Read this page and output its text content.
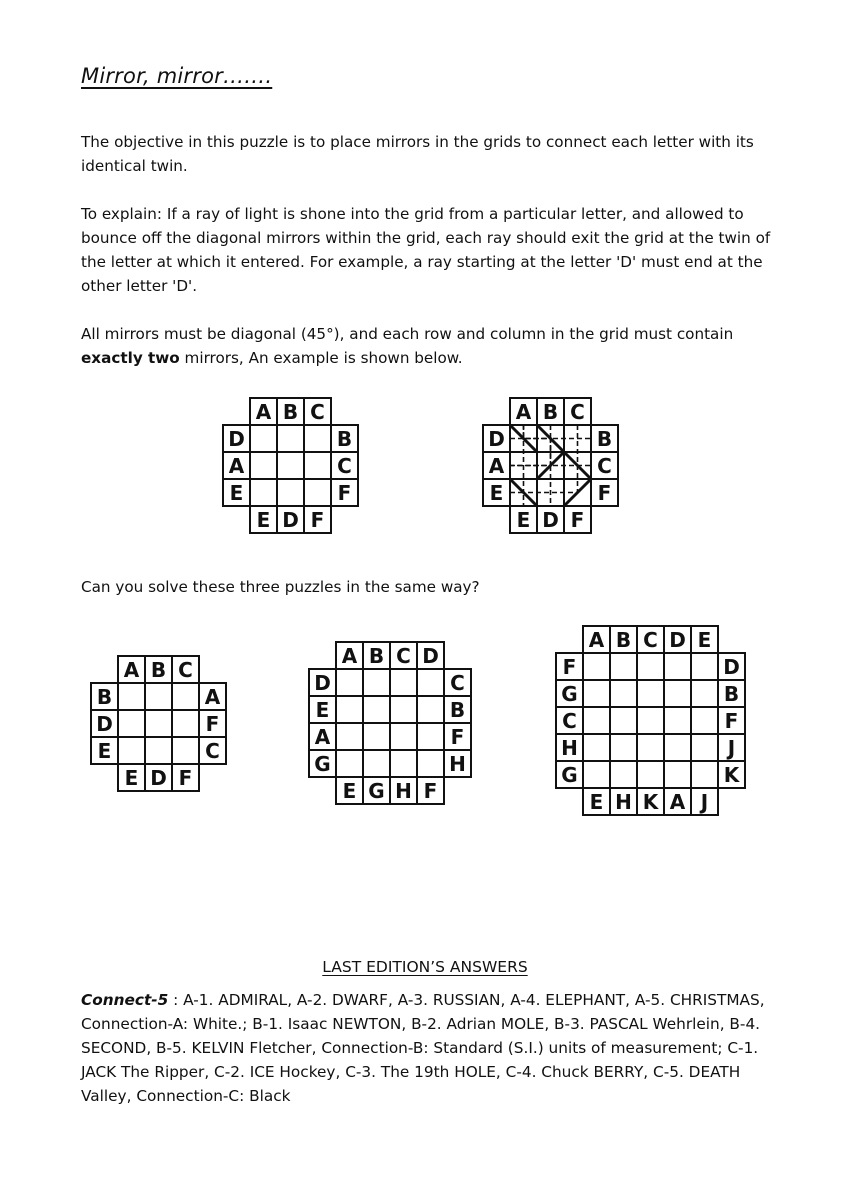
Mirror, mirror…….
The objective in this puzzle is to place mirrors in the grids to connect each letter with its identical twin.
To explain: If a ray of light is shone into the grid from a particular letter, and allowed to bounce off the diagonal mirrors within the grid, each ray should exit the grid at the twin of the letter at which it entered. For example, a ray starting at the letter 'D' must end at the other letter 'D'.
All mirrors must be diagonal (45°), and each row and column in the grid must contain exactly two mirrors, An example is shown below.
A B C
D	B
A	C
E	F
E D F
A B C
D	B
A	C
E	F
E D F
Can you solve these three puzzles in the same way?
A B C
B	A
D	F
E	C
E D F
A B C D
D	C
E	B
A	F
G	H
E G H F
A B C D E
F	D
G	B
C	F
H	J
G	K
E H K A J
LAST EDITION’S ANSWERS
Connect-5 : A-1. ADMIRAL, A-2. DWARF, A-3. RUSSIAN, A-4. ELEPHANT, A-5. CHRISTMAS, Connection-A: White.; B-1. Isaac NEWTON, B-2. Adrian MOLE, B-3. PASCAL Wehrlein, B-4. SECOND, B-5. KELVIN Fletcher, Connection-B: Standard (S.I.) units of measurement; C-1. JACK The Ripper, C-2. ICE Hockey, C-3. The 19th HOLE, C-4. Chuck BERRY, C-5. DEATH Valley, Connection-C: Black
